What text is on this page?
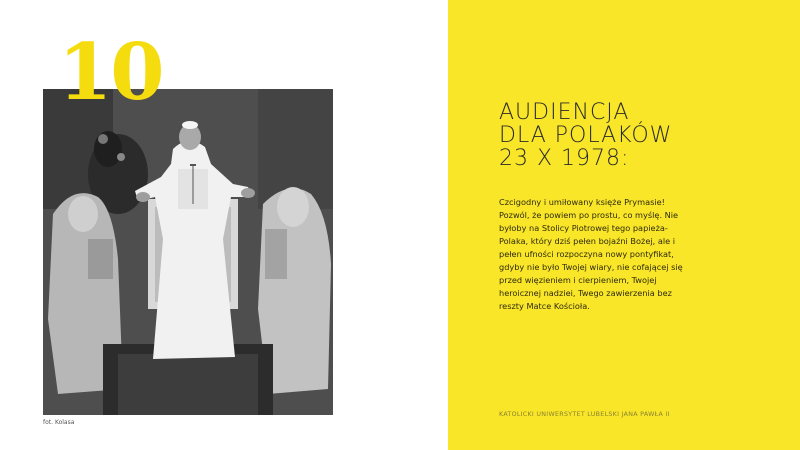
10
fot. Kolasa
AUDIENCJA
DLA POLAKÓW
23 X 1978:
Czcigodny i umiłowany księże Prymasie! Pozwól, że powiem po prostu, co myślę. Nie byłoby na Stolicy Piotrowej tego papieża-Polaka, który dziś pełen bojaźni Bożej, ale i pełen ufności rozpoczyna nowy pontyfikat, gdyby nie było Twojej wiary, nie cofającej się przed więzieniem i cierpieniem, Twojej heroicznej nadziei, Twego zawierzenia bez reszty Matce Kościoła.
KATOLICKI UNIWERSYTET LUBELSKI JANA PAWŁA II
